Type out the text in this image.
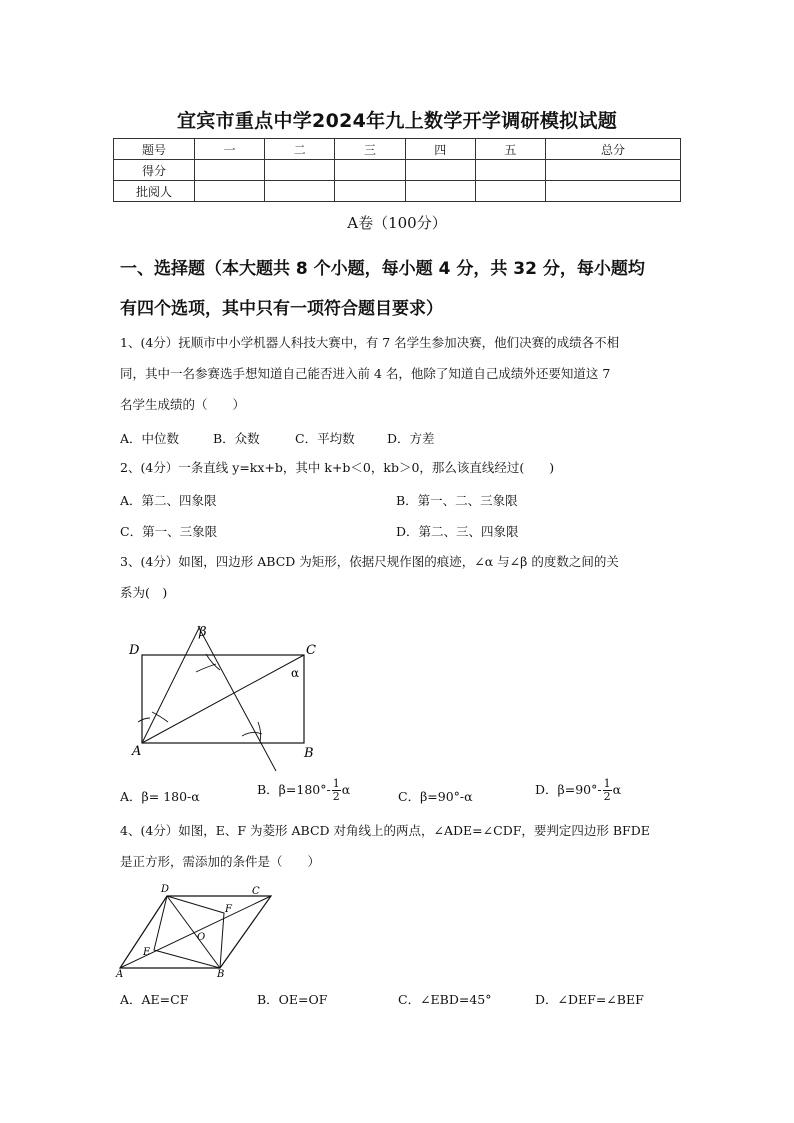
宜宾市重点中学2024年九上数学开学调研模拟试题
题号	一	二	三	四	五	总分
得分						
批阅人						
A卷（100分）
一、选择题（本大题共 8 个小题，每小题 4 分，共 32 分，每小题均
有四个选项，其中只有一项符合题目要求）
1、(4分）抚顺市中小学机器人科技大赛中，有 7 名学生参加决赛，他们决赛的成绩各不相
同，其中一名参赛选手想知道自己能否进入前 4 名，他除了知道自己成绩外还要知道这 7
名学生成绩的（　　）
A．中位数	B．众数	C．平均数	D．方差
2、(4分）一条直线 y=kx+b，其中 k+b＜0，kb＞0，那么该直线经过(　　)
A．第二、四象限	B．第一、二、三象限
C．第一、三象限	D．第二、三、四象限
3、(4分）如图，四边形 ABCD 为矩形，依据尺规作图的痕迹，∠α 与∠β 的度数之间的关
系为(　)
D	C
A	B
β
α
A．β= 180-α	B．$\beta=180^\circ- \frac{1}{2}$ α	C．β=90°-α	D．$\beta=90^\circ- \frac{1}{2}$ α
4、(4分）如图，E、F 为菱形 ABCD 对角线上的两点，∠ADE=∠CDF，要判定四边形 BFDE
是正方形，需添加的条件是（　　）
D	C
F
O
E
A	B
A．AE=CF	B．OE=OF	C．∠EBD=45°	D．∠DEF=∠BEF
